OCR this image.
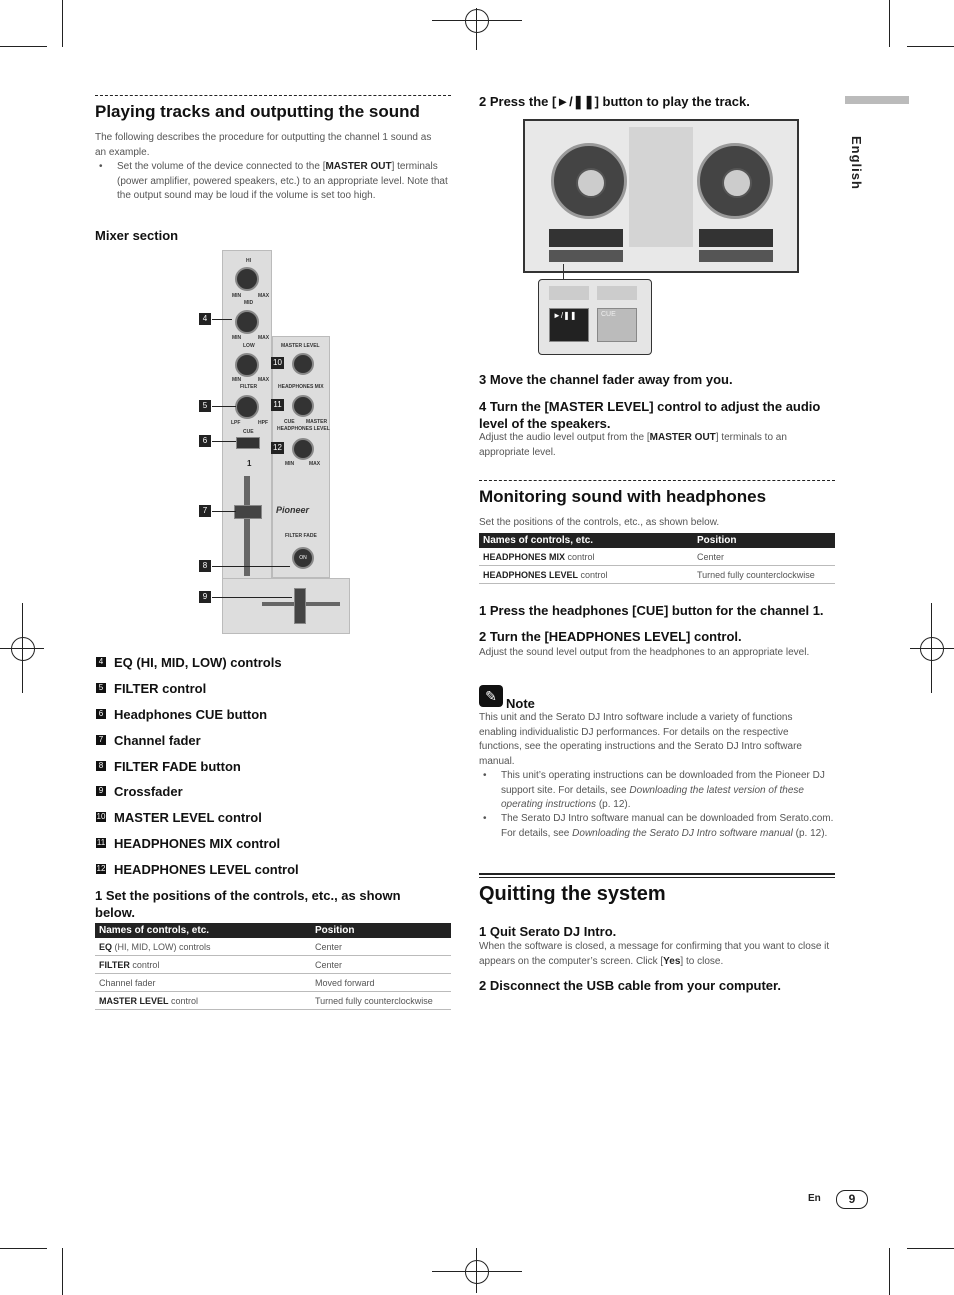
English
Playing tracks and outputting the sound
The following describes the procedure for outputting the channel 1 sound as an example.
•	Set the volume of the device connected to the [MASTER OUT] terminals (power amplifier, powered speakers, etc.) to an appropriate level. Note that the output sound may be loud if the volume is set too high.
Mixer section
HI
MIN	MAX
MID
MIN	MAX
LOW
MIN	MAX
FILTER
LPF	HPF
CUE
1
MASTER LEVEL
HEADPHONES MIX
CUE MASTER
HEADPHONES LEVEL
MIN	MAX
Pioneer
FILTER FADE
ON
4
5
6
7
8
9
10
11
12
4 EQ (HI, MID, LOW) controls
5 FILTER control
6 Headphones CUE button
7 Channel fader
8 FILTER FADE button
9 Crossfader
10 MASTER LEVEL control
11 HEADPHONES MIX control
12 HEADPHONES LEVEL control
1 Set the positions of the controls, etc., as shown below.
Names of controls, etc.	Position
EQ (HI, MID, LOW) controls	Center
FILTER control	Center
Channel fader	Moved forward
MASTER LEVEL control	Turned fully counterclockwise
2 Press the [►/❚❚] button to play the track.
►/❚❚	CUE
3 Move the channel fader away from you.
4 Turn the [MASTER LEVEL] control to adjust the audio level of the speakers.
Adjust the audio level output from the [MASTER OUT] terminals to an appropriate level.
Monitoring sound with headphones
Set the positions of the controls, etc., as shown below.
Names of controls, etc.	Position
HEADPHONES MIX control	Center
HEADPHONES LEVEL control	Turned fully counterclockwise
1 Press the headphones [CUE] button for the channel 1.
2 Turn the [HEADPHONES LEVEL] control.
Adjust the sound level output from the headphones to an appropriate level.
✎ Note
This unit and the Serato DJ Intro software include a variety of functions enabling individualistic DJ performances. For details on the respective functions, see the operating instructions and the Serato DJ Intro software manual.
•	This unit’s operating instructions can be downloaded from the Pioneer DJ support site. For details, see Downloading the latest version of these operating instructions (p. 12).
•	The Serato DJ Intro software manual can be downloaded from Serato.com. For details, see Downloading the Serato DJ Intro software manual (p. 12).
Quitting the system
1 Quit Serato DJ Intro.
When the software is closed, a message for confirming that you want to close it appears on the computer’s screen. Click [Yes] to close.
2 Disconnect the USB cable from your computer.
En	9
